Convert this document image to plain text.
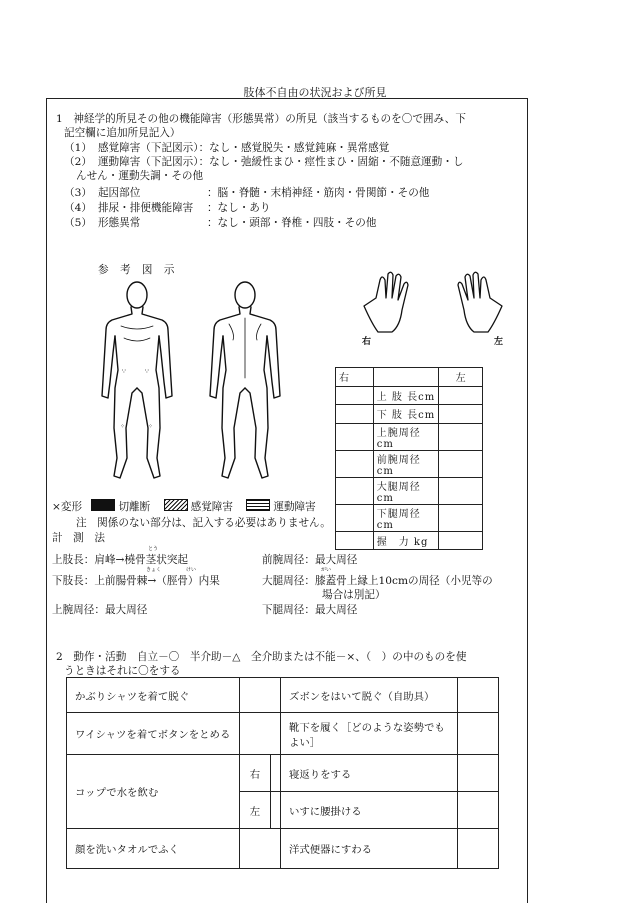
肢体不自由の状況および所見
1　神経学的所見その他の機能障害（形態異常）の所見（該当するものを〇で囲み、下
記空欄に追加所見記入）
（1） 感覚障害（下記図示）：なし・感覚脱失・感覚鈍麻・異常感覚
（2） 運動障害（下記図示）：なし・弛緩性まひ・痙性まひ・固縮・不随意運動・し
んせん・運動失調・その他
（3） 起因部位	：脳・脊髄・末梢神経・筋肉・骨関節・その他
（4） 排尿・排便機能障害 ：なし・あり
（5） 形態異常	：なし・頭部・脊椎・四肢・その他
参 考 図 示
∵	∵
⁘	⁘
右	左
右		左
	上 肢 長cm	
	下 肢 長cm	
	上腕周径cm	
	前腕周径cm	
	大腿周径cm	
	下腿周径cm	
	握　力 kg	
×変形	切離断	感覚障害	運動障害
注　関係のない部分は、記入する必要はありません。
計　測　法
上肢長：肩峰→橈骨茎状突起
とう
下肢長：上前腸骨棘→（脛骨）内果
きょく	けい
上腕周径：最大周径
前腕周径：最大周径
大腿周径：膝蓋骨上縁上10cmの周径（小児等の
がい
場合は別記）
下腿周径：最大周径
2　動作・活動　自立－〇　半介助－△　全介助または不能－×、（　）の中のものを使
うときはそれに〇をする
かぶりシャツを着て脱ぐ			ズボンをはいて脱ぐ（自助具）	
ワイシャツを着てボタンをとめる			靴下を履く［どのような姿勢でもよい］	
コップで水を飲む	右		寝返りをする	
	左		いすに腰掛ける	
顔を洗いタオルでふく			洋式便器にすわる	
